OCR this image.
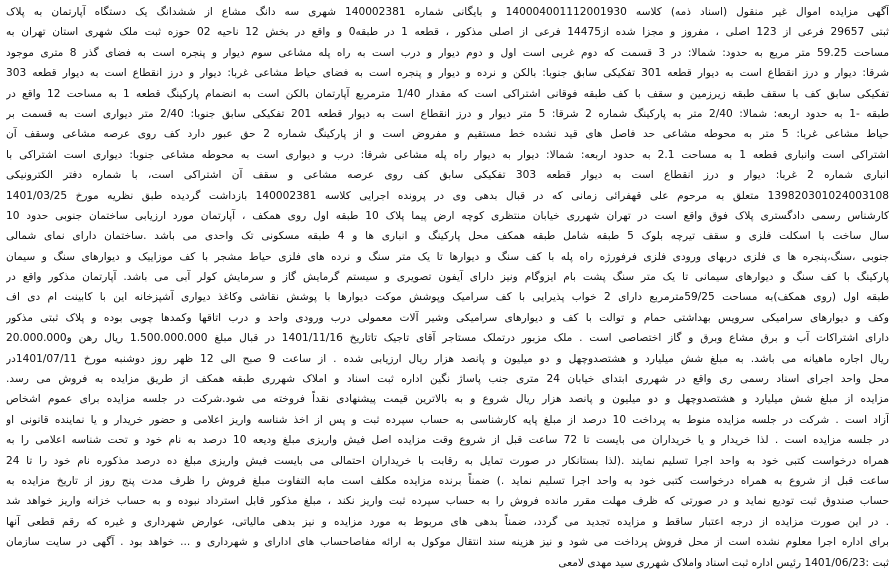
آگهی مزایده اموال غیر منقول (اسناد ذمه) کلاسه 140004001112001930 و بایگانی شماره 140002381 شهری سه دانگ مشاع از ششدانگ یک دستگاه آپارتمان به پلاک
ثبتی 29657 فرعی از 123 اصلی ، مفروز و مجزا شده از14475 فرعی از اصلی مذکور ، قطعه 1 در طبقه0 و واقع در بخش 12 ناحیه 02 حوزه ثبت ملک شهری استان تهران به
مساحت 59.25 متر مربع به حدود: شمالا: در 3 قسمت که دوم غربی است اول و دوم دیوار و درب است به راه پله مشاعی سوم دیوار و پنجره است به فضای گذر 8 متری موجود
شرقا: دیوار و درز انقطاع است به دیوار قطعه 301 تفکیکی سابق جنوبا: بالکن و نرده و دیوار و پنجره است به فضای حیاط مشاعی غربا: دیوار و درز انقطاع است به دیوار قطعه 303
تفکیکی سابق کف با سقف طبقه زیرزمین و سقف با کف طبقه فوقانی اشتراکی است که مقدار 1/40 مترمربع آپارتمان بالکن است به انضمام پارکینگ قطعه 1 به مساحت 12 واقع در
طبقه -1 به حدود اربعه: شمالا: 2/40 متر به پارکینگ شماره 2 شرقا: 5 متر دیوار و درز انقطاع است به دیوار قطعه 201 تفکیکی سابق جنوبا: 2/40 متر دیواری است به قسمت بر
حیاط مشاعی غربا: 5 متر به محوطه مشاعی حد فاصل های قید نشده خط مستقیم و مفروض است و از پارکینگ شماره 2 حق عبور دارد کف روی عرصه مشاعی وسقف آن
اشتراکی است وانباری قطعه 1 به مساحت 2.1 به حدود اربعه: شمالا: دیوار به دیوار راه پله مشاعی شرقا: درب و دیواری است به محوطه مشاعی جنوبا: دیواری است اشتراکی با
انباری شماره 2 غربا: دیوار و درز انقطاع است به دیوار قطعه 303 تفکیکی سابق کف روی عرصه مشاعی و سقف آن اشتراکی است، با شماره دفتر الکترونیکی
139820301024003108 متعلق به مرحوم علی قهفرائی زمانی که در قبال بدهی وی در پرونده اجرایی کلاسه 140002381 بازداشت گردیده طبق نظریه مورخ 1401/03/25
کارشناس رسمی دادگستری پلاک فوق واقع است در تهران شهرری خیابان منتظری کوچه ارض پیما پلاک 10 طبقه اول روی همکف ، آپارتمان مورد ارزیابی ساختمان جنوبی حدود 10
سال ساخت با اسکلت فلزی و سقف تیرچه بلوک 5 طبقه شامل طبقه همکف محل پارکینگ و انباری ها و 4 طبقه مسکونی تک واحدی می باشد .ساختمان دارای نمای شمالی
جنوبی ،سنگ،پنجره ها ی فلزی دربهای ورودی فلزی فرفورژه راه پله با کف سنگ و دیوارها تا یک متر سنگ و نرده های فلزی حیاط مشجر با کف موزاییک و دیوارهای سنگ و سیمان
پارکینگ با کف سنگ و دیوارهای سیمانی تا یک متر سنگ پشت بام ایزوگام ونیز دارای آیفون تصویری و سیستم گرمایش گاز و سرمایش کولر آبی می باشد. آپارتمان مذکور واقع در
طبقه اول (روی همکف)به مساحت 59/25مترمربع دارای 2 خواب پذیرایی با کف سرامیک وپوشش موکت دیوارها با پوشش نقاشی وکاغذ دیواری آشپزخانه این با کابینت ام دی اف
وکف و دیوارهای سرامیکی سرویس بهداشتی حمام و توالت با کف و دیوارهای سرامیکی وشیر آلات معمولی درب ورودی واحد و درب اتاقها وکمدها چوبی بوده و پلاک ثبتی مذکور
دارای اشتراکات آب و برق مشاع وبرق و گاز اختصاصی است . ملک مزبور درتملک مستاجر آقای تاجیک تاتاریخ 1401/11/16 در قبال مبلغ 1.500.000.000 ریال رهن و20.000.000
ریال اجاره ماهیانه می باشد. به مبلغ شش میلیارد و هشتصدوچهل و دو میلیون و پانصد هزار ریال ارزیابی شده . از ساعت 9 صبح الی 12 ظهر روز دوشنبه مورخ 1401/07/11در
محل واحد اجرای اسناد رسمی ری واقع در شهرری ابتدای خیابان 24 متری جنب پاساژ نگین اداره ثبت اسناد و املاک شهرری طبقه همکف از طریق مزایده به فروش می رسد.
مزایده از مبلغ شش میلیارد و هشتصدوچهل و دو میلیون و پانصد هزار ریال شروع و به بالاترین قیمت پیشنهادی نقداً فروخته می شود.شرکت در جلسه مزایده برای عموم اشخاص
آزاد است . شرکت در جلسه مزایده منوط به پرداخت 10 درصد از مبلغ پایه کارشناسی به حساب سپرده ثبت و پس از اخذ شناسه واریز اعلامی و حضور خریدار و یا نماینده قانونی او
در جلسه مزایده است . لذا خریدار و یا خریداران می بایست تا 72 ساعت قبل از شروع وقت مزایده اصل فیش واریزی مبلغ ودیعه 10 درصد به نام خود و تحت شناسه اعلامی را به
همراه درخواست کتبی خود به واحد اجرا تسلیم نمایند .(لذا بستانکار در صورت تمایل به رقابت با خریداران احتمالی می بایست فیش واریزی مبلغ ده درصد مذکوره نام خود را تا 24
ساعت قبل از شروع به همراه درخواست کتبی خود به واحد اجرا تسلیم نماید .) ضمناً برنده مزایده مکلف است مابه التفاوت مبلغ فروش را ظرف مدت پنج روز از تاریخ مزایده به
حساب صندوق ثبت تودیع نماید و در صورتی که ظرف مهلت مقرر مانده فروش را به حساب سپرده ثبت واریز نکند ، مبلغ مذکور قابل استرداد نبوده و به حساب خزانه واریز خواهد شد
. در این صورت مزایده از درجه اعتبار ساقط و مزایده تجدید می گردد، ضمناً بدهی های مربوط به مورد مزایده و نیز بدهی مالیاتی، عوارض شهرداری و غیره که رقم قطعی آنها
برای اداره اجرا معلوم نشده است از محل فروش پرداخت می شود و نیز هزینه سند انتقال موکول به ارائه مفاصاحساب های ادارای و شهرداری و ... خواهد بود . آگهی در سایت سازمان
ثبت :1401/06/23 رئیس اداره ثبت اسناد واملاک شهرری سید مهدی لامعی
